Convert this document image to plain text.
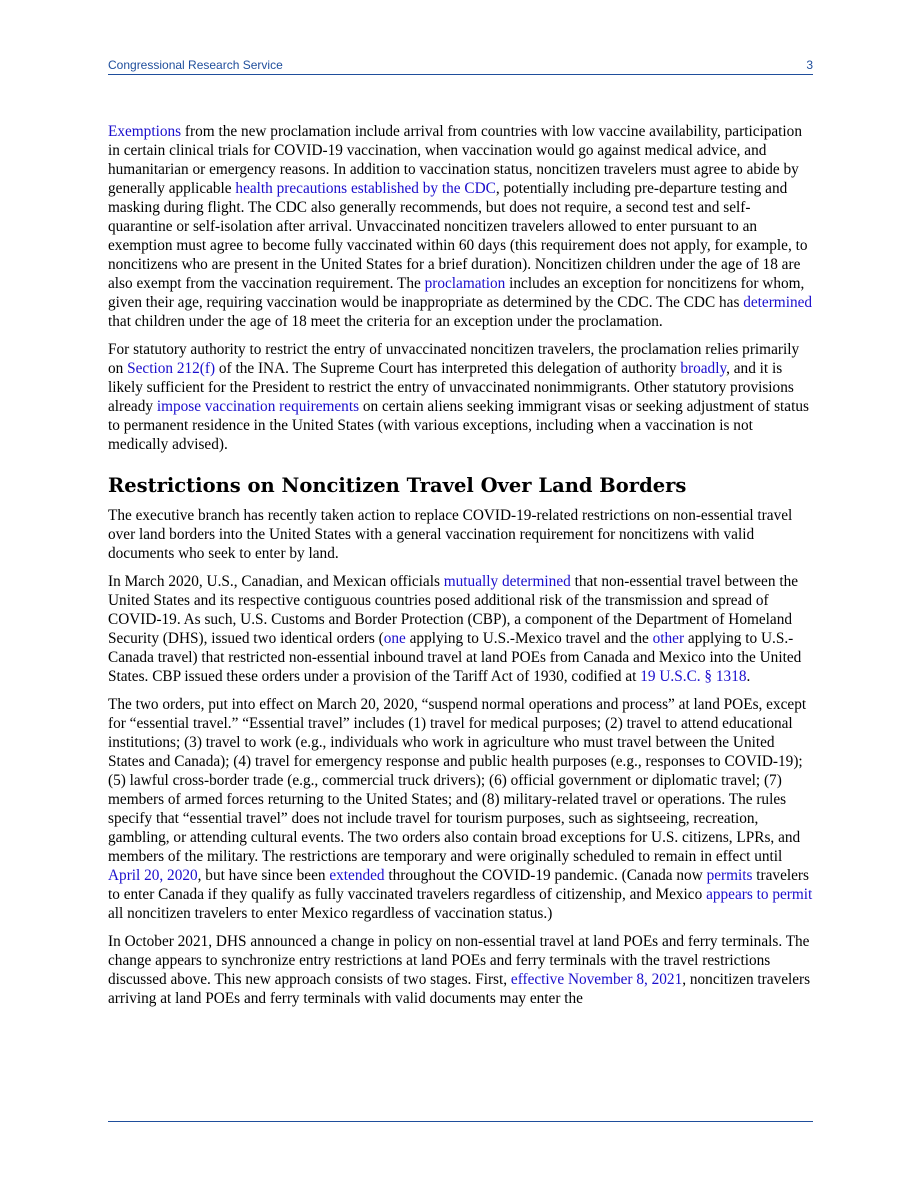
Congressional Research Service	3

Exemptions from the new proclamation include arrival from countries with low vaccine availability, participation in certain clinical trials for COVID-19 vaccination, when vaccination would go against medical advice, and humanitarian or emergency reasons. In addition to vaccination status, noncitizen travelers must agree to abide by generally applicable health precautions established by the CDC, potentially including pre-departure testing and masking during flight. The CDC also generally recommends, but does not require, a second test and self-quarantine or self-isolation after arrival. Unvaccinated noncitizen travelers allowed to enter pursuant to an exemption must agree to become fully vaccinated within 60 days (this requirement does not apply, for example, to noncitizens who are present in the United States for a brief duration). Noncitizen children under the age of 18 are also exempt from the vaccination requirement. The proclamation includes an exception for noncitizens for whom, given their age, requiring vaccination would be inappropriate as determined by the CDC. The CDC has determined that children under the age of 18 meet the criteria for an exception under the proclamation.

For statutory authority to restrict the entry of unvaccinated noncitizen travelers, the proclamation relies primarily on Section 212(f) of the INA. The Supreme Court has interpreted this delegation of authority broadly, and it is likely sufficient for the President to restrict the entry of unvaccinated nonimmigrants. Other statutory provisions already impose vaccination requirements on certain aliens seeking immigrant visas or seeking adjustment of status to permanent residence in the United States (with various exceptions, including when a vaccination is not medically advised).

Restrictions on Noncitizen Travel Over Land Borders

The executive branch has recently taken action to replace COVID-19-related restrictions on non-essential travel over land borders into the United States with a general vaccination requirement for noncitizens with valid documents who seek to enter by land.

In March 2020, U.S., Canadian, and Mexican officials mutually determined that non-essential travel between the United States and its respective contiguous countries posed additional risk of the transmission and spread of COVID-19. As such, U.S. Customs and Border Protection (CBP), a component of the Department of Homeland Security (DHS), issued two identical orders (one applying to U.S.-Mexico travel and the other applying to U.S.-Canada travel) that restricted non-essential inbound travel at land POEs from Canada and Mexico into the United States. CBP issued these orders under a provision of the Tariff Act of 1930, codified at 19 U.S.C. § 1318.

The two orders, put into effect on March 20, 2020, “suspend normal operations and process” at land POEs, except for “essential travel.” “Essential travel” includes (1) travel for medical purposes; (2) travel to attend educational institutions; (3) travel to work (e.g., individuals who work in agriculture who must travel between the United States and Canada); (4) travel for emergency response and public health purposes (e.g., responses to COVID-19); (5) lawful cross-border trade (e.g., commercial truck drivers); (6) official government or diplomatic travel; (7) members of armed forces returning to the United States; and (8) military-related travel or operations. The rules specify that “essential travel” does not include travel for tourism purposes, such as sightseeing, recreation, gambling, or attending cultural events. The two orders also contain broad exceptions for U.S. citizens, LPRs, and members of the military. The restrictions are temporary and were originally scheduled to remain in effect until April 20, 2020, but have since been extended throughout the COVID-19 pandemic. (Canada now permits travelers to enter Canada if they qualify as fully vaccinated travelers regardless of citizenship, and Mexico appears to permit all noncitizen travelers to enter Mexico regardless of vaccination status.)

In October 2021, DHS announced a change in policy on non-essential travel at land POEs and ferry terminals. The change appears to synchronize entry restrictions at land POEs and ferry terminals with the travel restrictions discussed above. This new approach consists of two stages. First, effective November 8, 2021, noncitizen travelers arriving at land POEs and ferry terminals with valid documents may enter the
